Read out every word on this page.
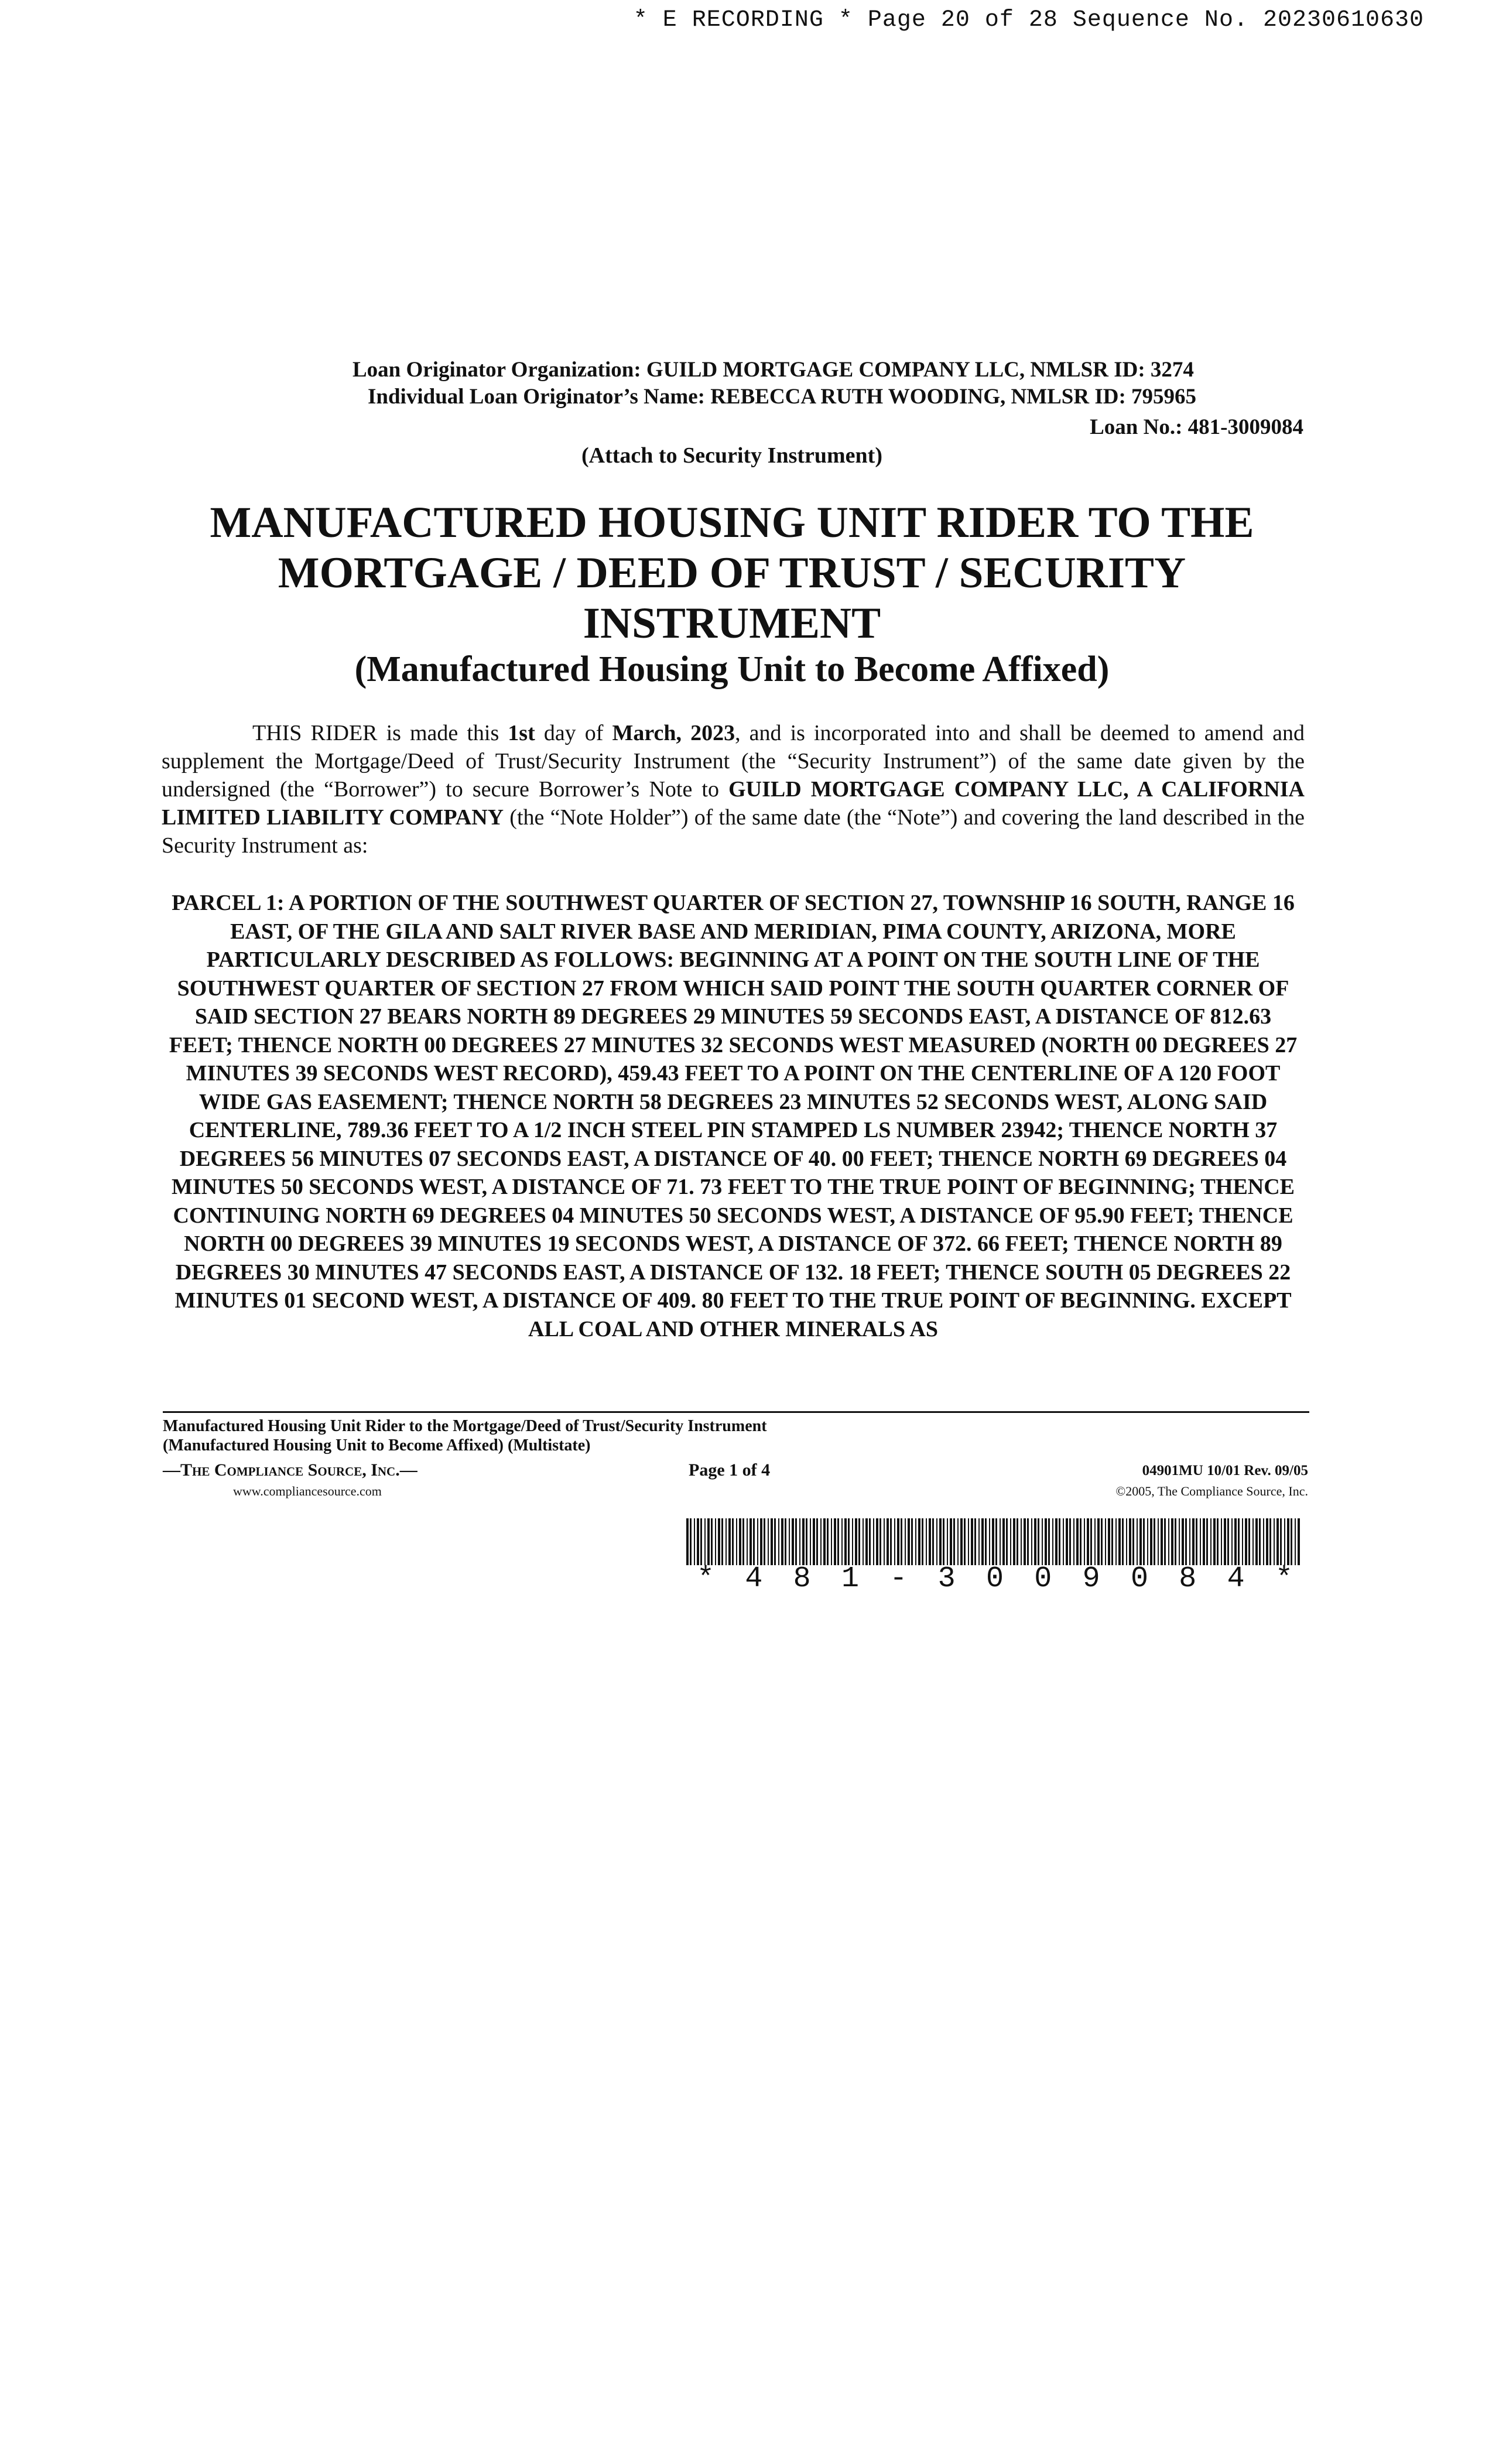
* E RECORDING * Page 20 of 28 Sequence No. 20230610630
Loan Originator Organization: GUILD MORTGAGE COMPANY LLC, NMLSR ID: 3274
Individual Loan Originator’s Name: REBECCA RUTH WOODING, NMLSR ID: 795965
Loan No.: 481-3009084
(Attach to Security Instrument)
MANUFACTURED HOUSING UNIT RIDER TO THE MORTGAGE / DEED OF TRUST / SECURITY INSTRUMENT
(Manufactured Housing Unit to Become Affixed)
THIS RIDER is made this 1st day of March, 2023, and is incorporated into and shall be deemed to amend and supplement the Mortgage/Deed of Trust/Security Instrument (the “Security Instrument”) of the same date given by the undersigned (the “Borrower”) to secure Borrower’s Note to GUILD MORTGAGE COMPANY LLC, A CALIFORNIA LIMITED LIABILITY COMPANY (the “Note Holder”) of the same date (the “Note”) and covering the land described in the Security Instrument as:
PARCEL 1: A PORTION OF THE SOUTHWEST QUARTER OF SECTION 27, TOWNSHIP 16 SOUTH, RANGE 16 EAST, OF THE GILA AND SALT RIVER BASE AND MERIDIAN, PIMA COUNTY, ARIZONA, MORE PARTICULARLY DESCRIBED AS FOLLOWS: BEGINNING AT A POINT ON THE SOUTH LINE OF THE SOUTHWEST QUARTER OF SECTION 27 FROM WHICH SAID POINT THE SOUTH QUARTER CORNER OF SAID SECTION 27 BEARS NORTH 89 DEGREES 29 MINUTES 59 SECONDS EAST, A DISTANCE OF 812.63 FEET; THENCE NORTH 00 DEGREES 27 MINUTES 32 SECONDS WEST MEASURED (NORTH 00 DEGREES 27 MINUTES 39 SECONDS WEST RECORD), 459.43 FEET TO A POINT ON THE CENTERLINE OF A 120 FOOT WIDE GAS EASEMENT; THENCE NORTH 58 DEGREES 23 MINUTES 52 SECONDS WEST, ALONG SAID CENTERLINE, 789.36 FEET TO A 1/2 INCH STEEL PIN STAMPED LS NUMBER 23942; THENCE NORTH 37 DEGREES 56 MINUTES 07 SECONDS EAST, A DISTANCE OF 40. 00 FEET; THENCE NORTH 69 DEGREES 04 MINUTES 50 SECONDS WEST, A DISTANCE OF 71. 73 FEET TO THE TRUE POINT OF BEGINNING; THENCE CONTINUING NORTH 69 DEGREES 04 MINUTES 50 SECONDS WEST, A DISTANCE OF 95.90 FEET; THENCE NORTH 00 DEGREES 39 MINUTES 19 SECONDS WEST, A DISTANCE OF 372. 66 FEET; THENCE NORTH 89 DEGREES 30 MINUTES 47 SECONDS EAST, A DISTANCE OF 132. 18 FEET; THENCE SOUTH 05 DEGREES 22 MINUTES 01 SECOND WEST, A DISTANCE OF 409. 80 FEET TO THE TRUE POINT OF BEGINNING. EXCEPT ALL COAL AND OTHER MINERALS AS
Manufactured Housing Unit Rider to the Mortgage/Deed of Trust/Security Instrument
(Manufactured Housing Unit to Become Affixed) (Multistate)
—The Compliance Source, Inc.—	Page 1 of 4	04901MU 10/01 Rev. 09/05
www.compliancesource.com	©2005, The Compliance Source, Inc.
* 4 8 1 - 3 0 0 9 0 8 4 *
